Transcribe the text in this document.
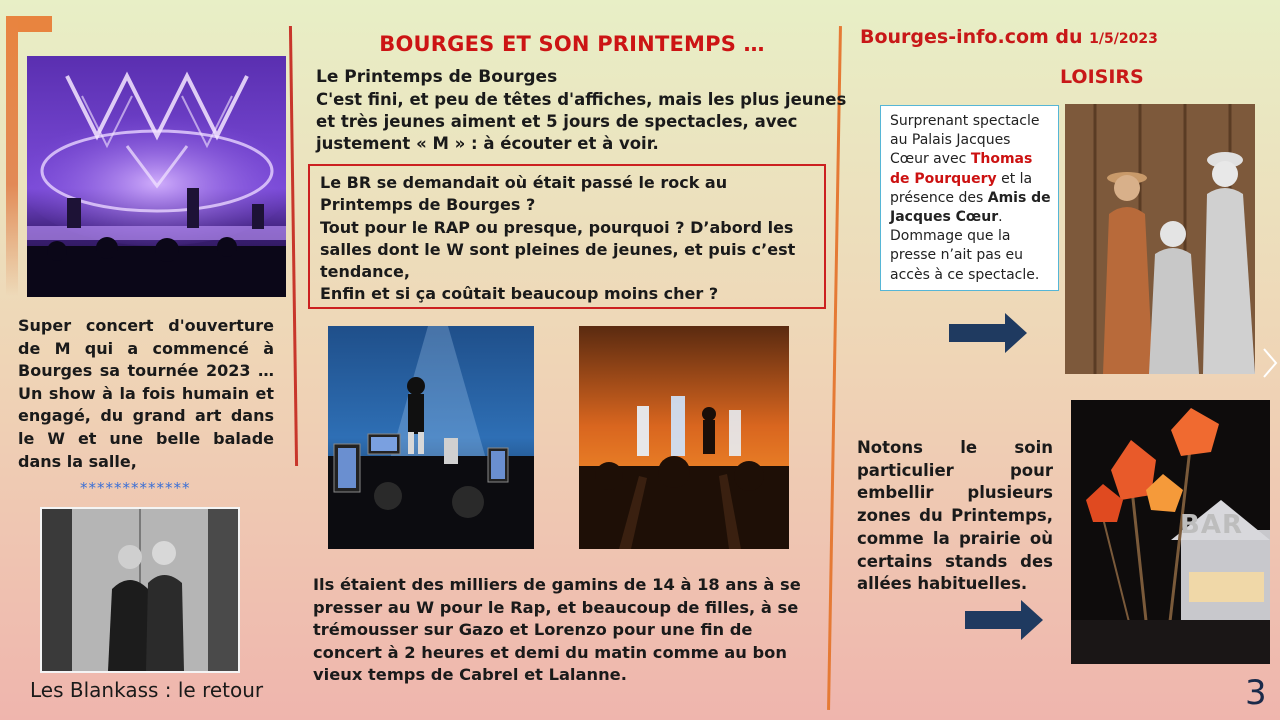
BOURGES ET SON PRINTEMPS …	Bourges-info.com du 1/5/2023
LOISIRS
Le Printemps de Bourges
C'est fini, et peu de têtes d'affiches, mais les plus jeunes et très jeunes aiment et 5 jours de spectacles, avec justement « M » : à écouter et à voir.
Le BR se demandait où était passé le rock au
Printemps de Bourges ?
Tout pour le RAP ou presque, pourquoi ? D’abord les
salles dont le W sont pleines de jeunes, et puis c’est
tendance,
Enfin et si ça coûtait beaucoup moins cher ?
Super concert d'ouverture de M qui a commencé à Bourges sa tournée 2023 … Un show à la fois humain et engagé, du grand art dans le W et une belle balade dans la salle,
*************
Les Blankass : le retour
Ils étaient des milliers de gamins de 14 à 18 ans à se presser au W pour le Rap, et beaucoup de filles, à se trémousser sur Gazo et Lorenzo pour une fin de concert à 2 heures et demi du matin comme au bon vieux temps de Cabrel et Lalanne.
Surprenant spectacle au Palais Jacques Cœur avec Thomas de Pourquery et la présence des Amis de Jacques Cœur. Dommage que la presse n’ait pas eu accès à ce spectacle.
BAR
Notons le soin particulier pour embellir plusieurs zones du Printemps, comme la prairie où certains stands des
allées habituelles.
3
